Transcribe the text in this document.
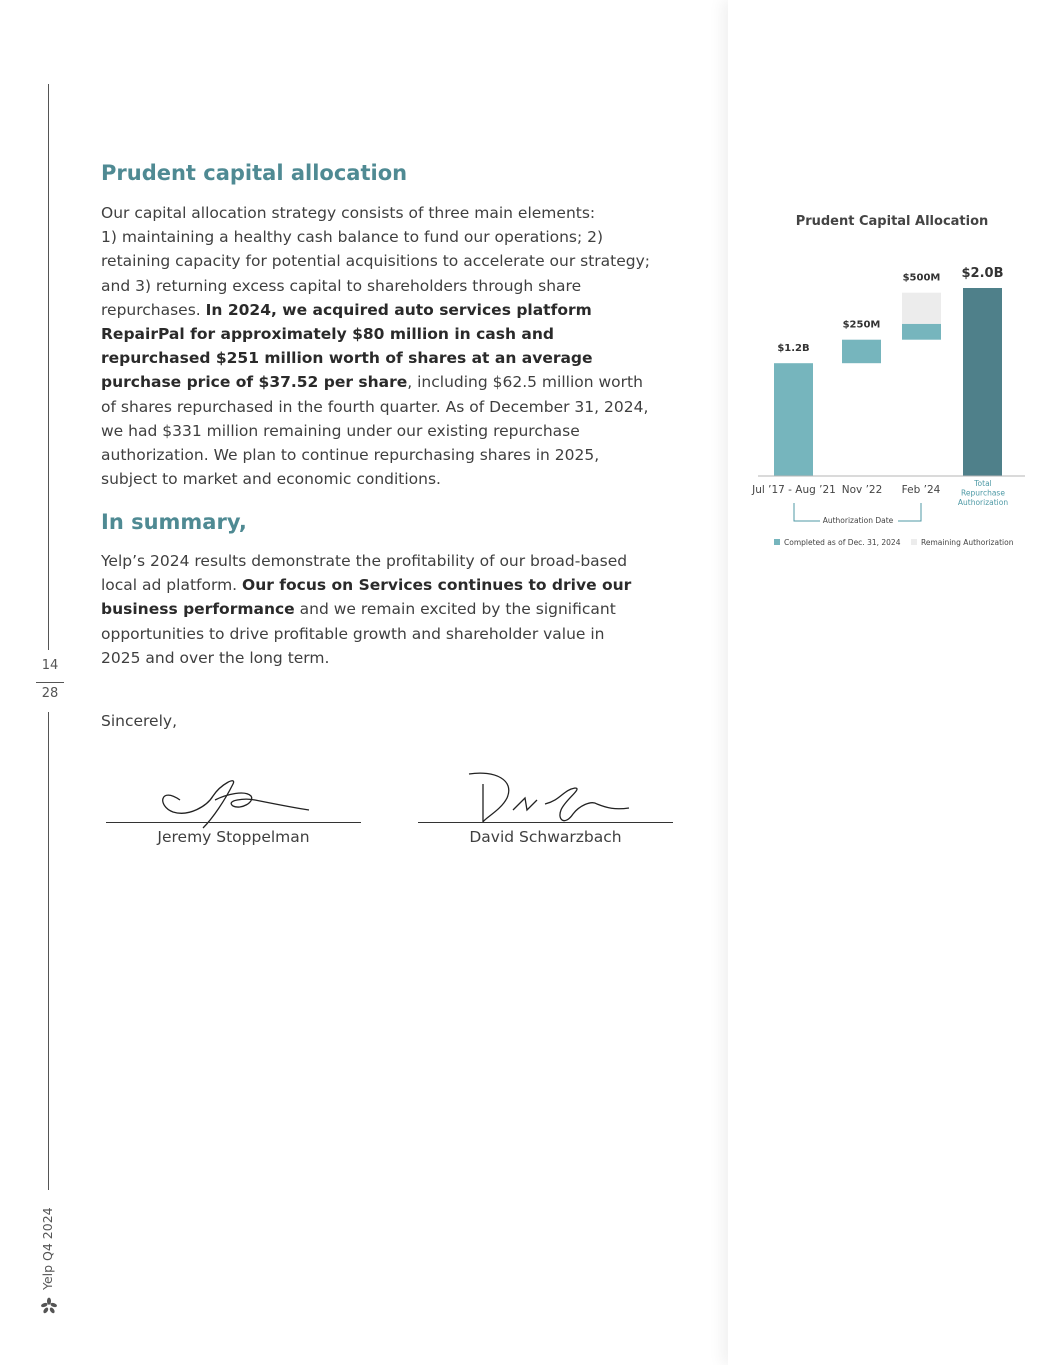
14
28
Yelp Q4 2024
Prudent capital allocation

Our capital allocation strategy consists of three main elements:
1) maintaining a healthy cash balance to fund our operations; 2) retaining capacity for potential acquisitions to accelerate our strategy; and 3) returning excess capital to shareholders through share repurchases. In 2024, we acquired auto services platform RepairPal for approximately $80 million in cash and repurchased $251 million worth of shares at an average purchase price of $37.52 per share, including $62.5 million worth of shares repurchased in the fourth quarter. As of December 31, 2024, we had $331 million remaining under our existing repurchase authorization. We plan to continue repurchasing shares in 2025, subject to market and economic conditions.

In summary,

Yelp’s 2024 results demonstrate the profitability of our broad-based local ad platform. Our focus on Services continues to drive our business performance and we remain excited by the significant opportunities to drive profitable growth and shareholder value in 2025 and over the long term.

Sincerely,
Jeremy Stoppelman	David Schwarzbach
Prudent Capital Allocation
$1.2B
$250M
$500M $2.0B
Jul ’17 - Aug ’21 Nov ’22 Feb ’24
Total Repurchase Authorization
Authorization Date
Completed as of Dec. 31, 2024	Remaining Authorization
